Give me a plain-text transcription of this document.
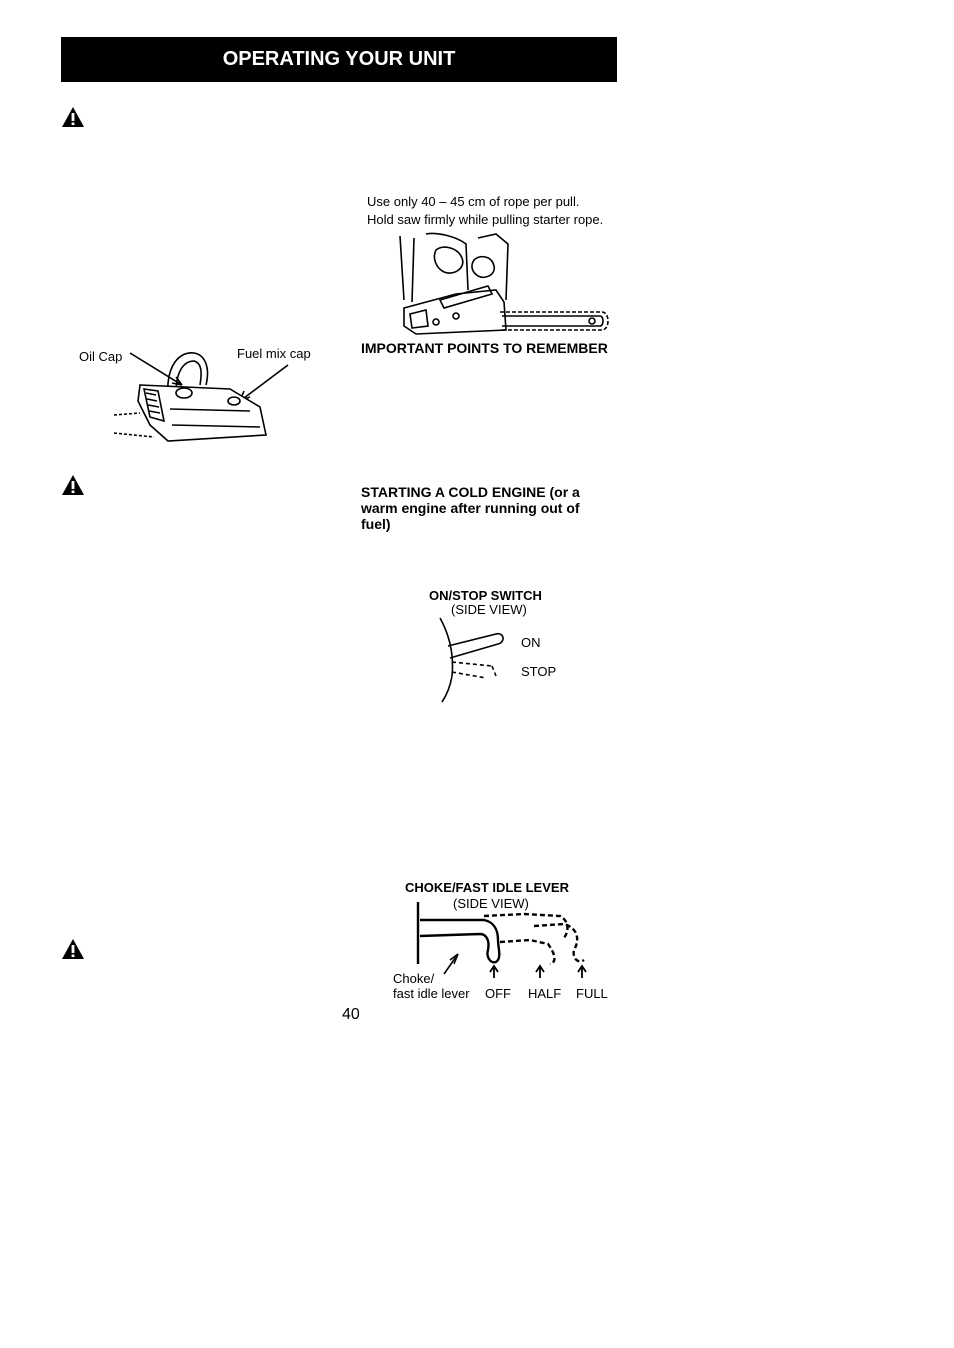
OPERATING YOUR UNIT
Use only 40 – 45 cm of rope per pull.
Hold saw firmly while pulling starter rope.
Oil Cap	Fuel mix cap	IMPORTANT POINTS TO REMEMBER
STARTING A COLD ENGINE (or a warm engine after running out of fuel)
ON/STOP SWITCH
(SIDE VIEW)
ON
STOP
CHOKE/FAST IDLE LEVER
(SIDE VIEW)
Choke/
fast idle lever OFF HALF FULL
40
